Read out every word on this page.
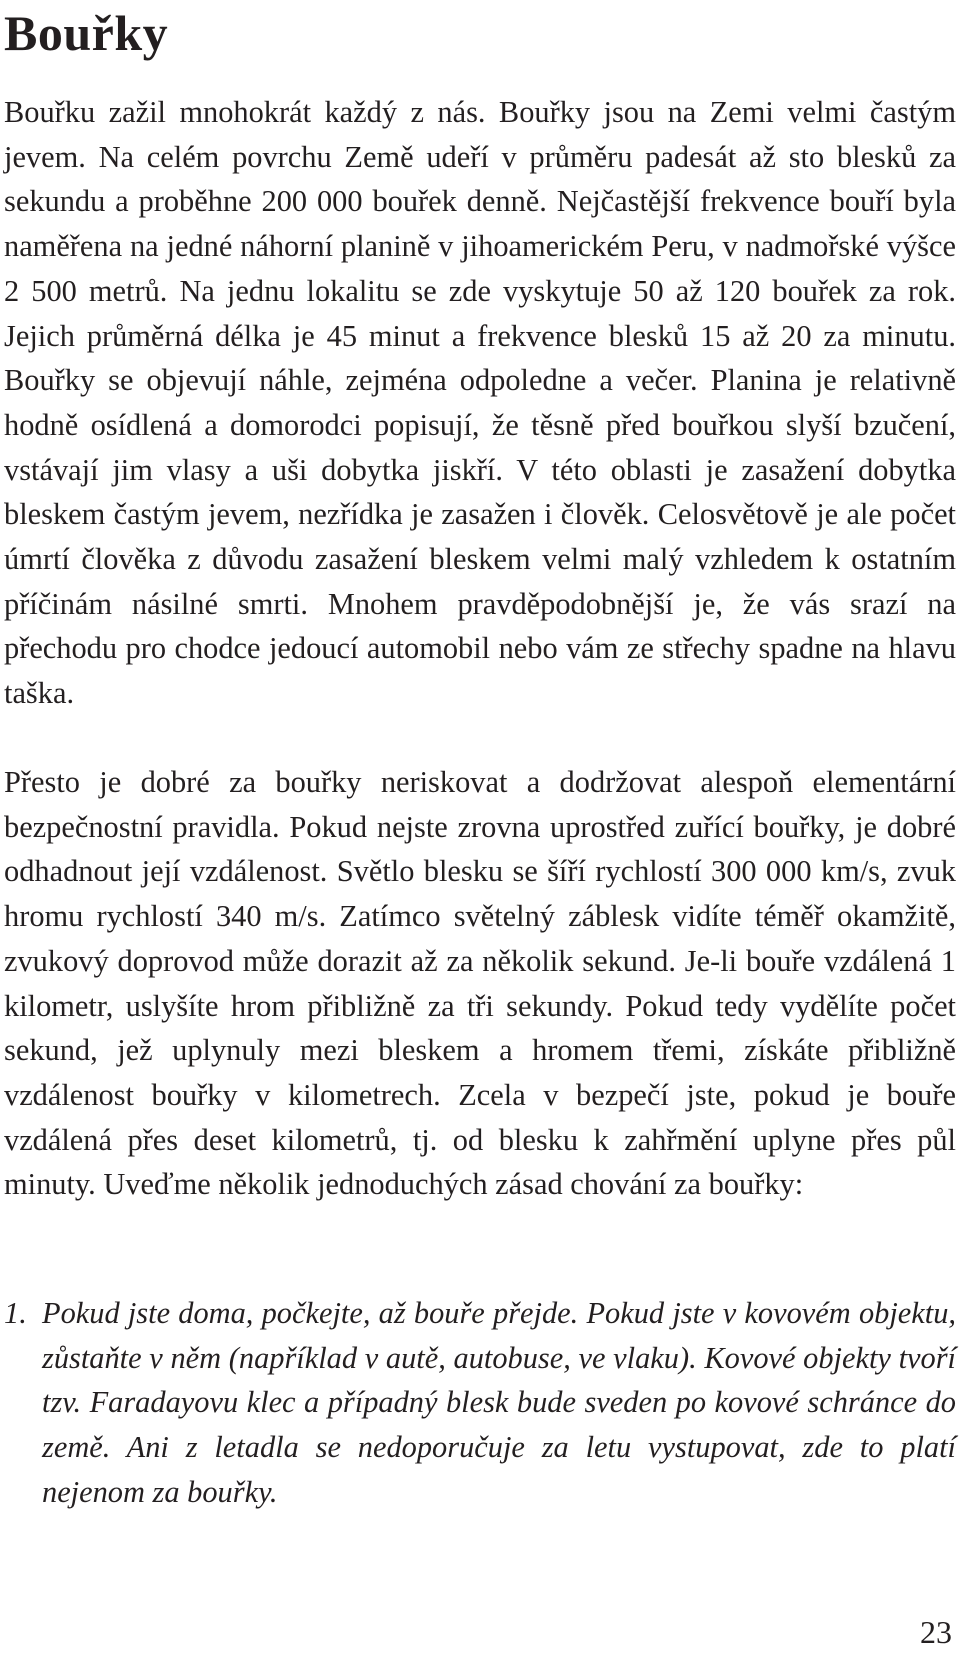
Bouřky

Bouřku zažil mnohokrát každý z nás. Bouřky jsou na Zemi velmi častým jevem. Na celém povrchu Země udeří v průměru padesát až sto blesků za sekundu a proběhne 200 000 bouřek denně. Nejčastější frekvence bouří byla naměřena na jedné náhorní planině v jihoamerickém Peru, v nadmořské výšce 2 500 metrů. Na jednu lokalitu se zde vyskytuje 50 až 120 bouřek za rok. Jejich průměrná délka je 45 minut a frekvence blesků 15 až 20 za minutu. Bouřky se objevují náhle, zejména odpoledne a večer. Planina je relativně hodně osídlená a domorodci popisují, že těsně před bouřkou slyší bzučení, vstávají jim vlasy a uši dobytka jiskří. V této oblasti je zasažení dobytka bleskem častým jevem, nezřídka je zasažen i člověk. Celosvětově je ale počet úmrtí člověka z důvodu zasažení bleskem velmi malý vzhledem k ostatním příčinám násilné smrti. Mnohem pravděpodobnější je, že vás srazí na přechodu pro chodce jedoucí automobil nebo vám ze střechy spadne na hlavu taška.

Přesto je dobré za bouřky neriskovat a dodržovat alespoň elementární bezpečnostní pravidla. Pokud nejste zrovna uprostřed zuřící bouřky, je dobré odhadnout její vzdálenost. Světlo blesku se šíří rychlostí 300 000 km/s, zvuk hromu rychlostí 340 m/s. Zatímco světelný záblesk vidíte téměř okamžitě, zvukový doprovod může dorazit až za několik sekund. Je-li bouře vzdálená 1 kilometr, uslyšíte hrom přibližně za tři sekundy. Pokud tedy vydělíte počet sekund, jež uplynuly mezi bleskem a hromem třemi, získáte přibližně vzdálenost bouřky v kilometrech. Zcela v bezpečí jste, pokud je bouře vzdálená přes deset kilometrů, tj. od blesku k zahřmění uplyne přes půl minuty. Uveďme několik jednoduchých zásad chování za bouřky:

1. Pokud jste doma, počkejte, až bouře přejde. Pokud jste v kovovém objektu, zůstaňte v něm (například v autě, autobuse, ve vlaku). Kovové objekty tvoří tzv. Faradayovu klec a případný blesk bude sveden po kovové schránce do země. Ani z letadla se nedoporučuje za letu vystupovat, zde to platí nejenom za bouřky.
23
